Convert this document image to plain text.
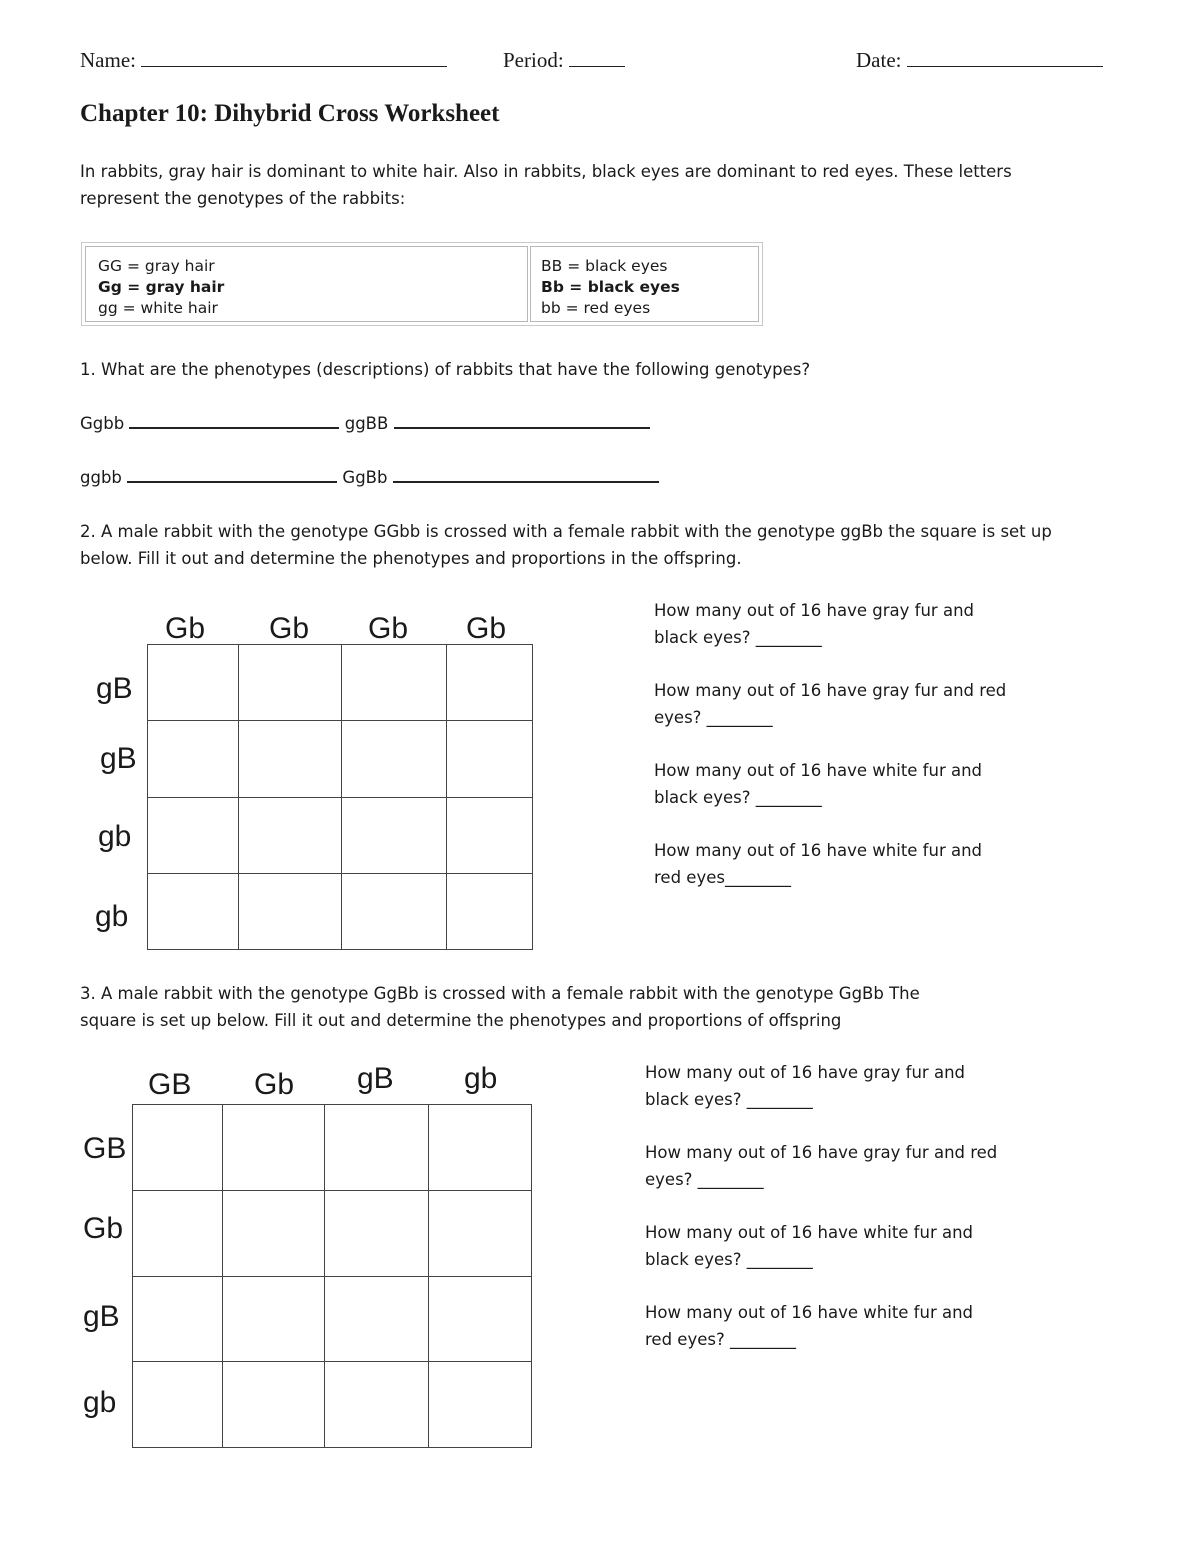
Name:	Period:	Date:
Chapter 10: Dihybrid Cross Worksheet
In rabbits, gray hair is dominant to white hair. Also in rabbits, black eyes are dominant to red eyes. These letters
represent the genotypes of the rabbits:
GG = gray hair
Gg = gray hair
gg = white hair
BB = black eyes
Bb = black eyes
bb = red eyes
1. What are the phenotypes (descriptions) of rabbits that have the following genotypes?
Ggbb	ggBB
ggbb	GgBb
2. A male rabbit with the genotype GGbb is crossed with a female rabbit with the genotype ggBb the square is set up
below. Fill it out and determine the phenotypes and proportions in the offspring.
Gb Gb Gb Gb
gB
gB
gb
gb

How many out of 16 have gray fur and
black eyes? ________
How many out of 16 have gray fur and red
eyes? ________
How many out of 16 have white fur and
black eyes? ________
How many out of 16 have white fur and
red eyes________
3. A male rabbit with the genotype GgBb is crossed with a female rabbit with the genotype GgBb The
square is set up below. Fill it out and determine the phenotypes and proportions of offspring
GB Gb gB gb
GB
Gb
gB
gb

How many out of 16 have gray fur and
black eyes? ________
How many out of 16 have gray fur and red
eyes? ________
How many out of 16 have white fur and
black eyes? ________
How many out of 16 have white fur and
red eyes? ________
